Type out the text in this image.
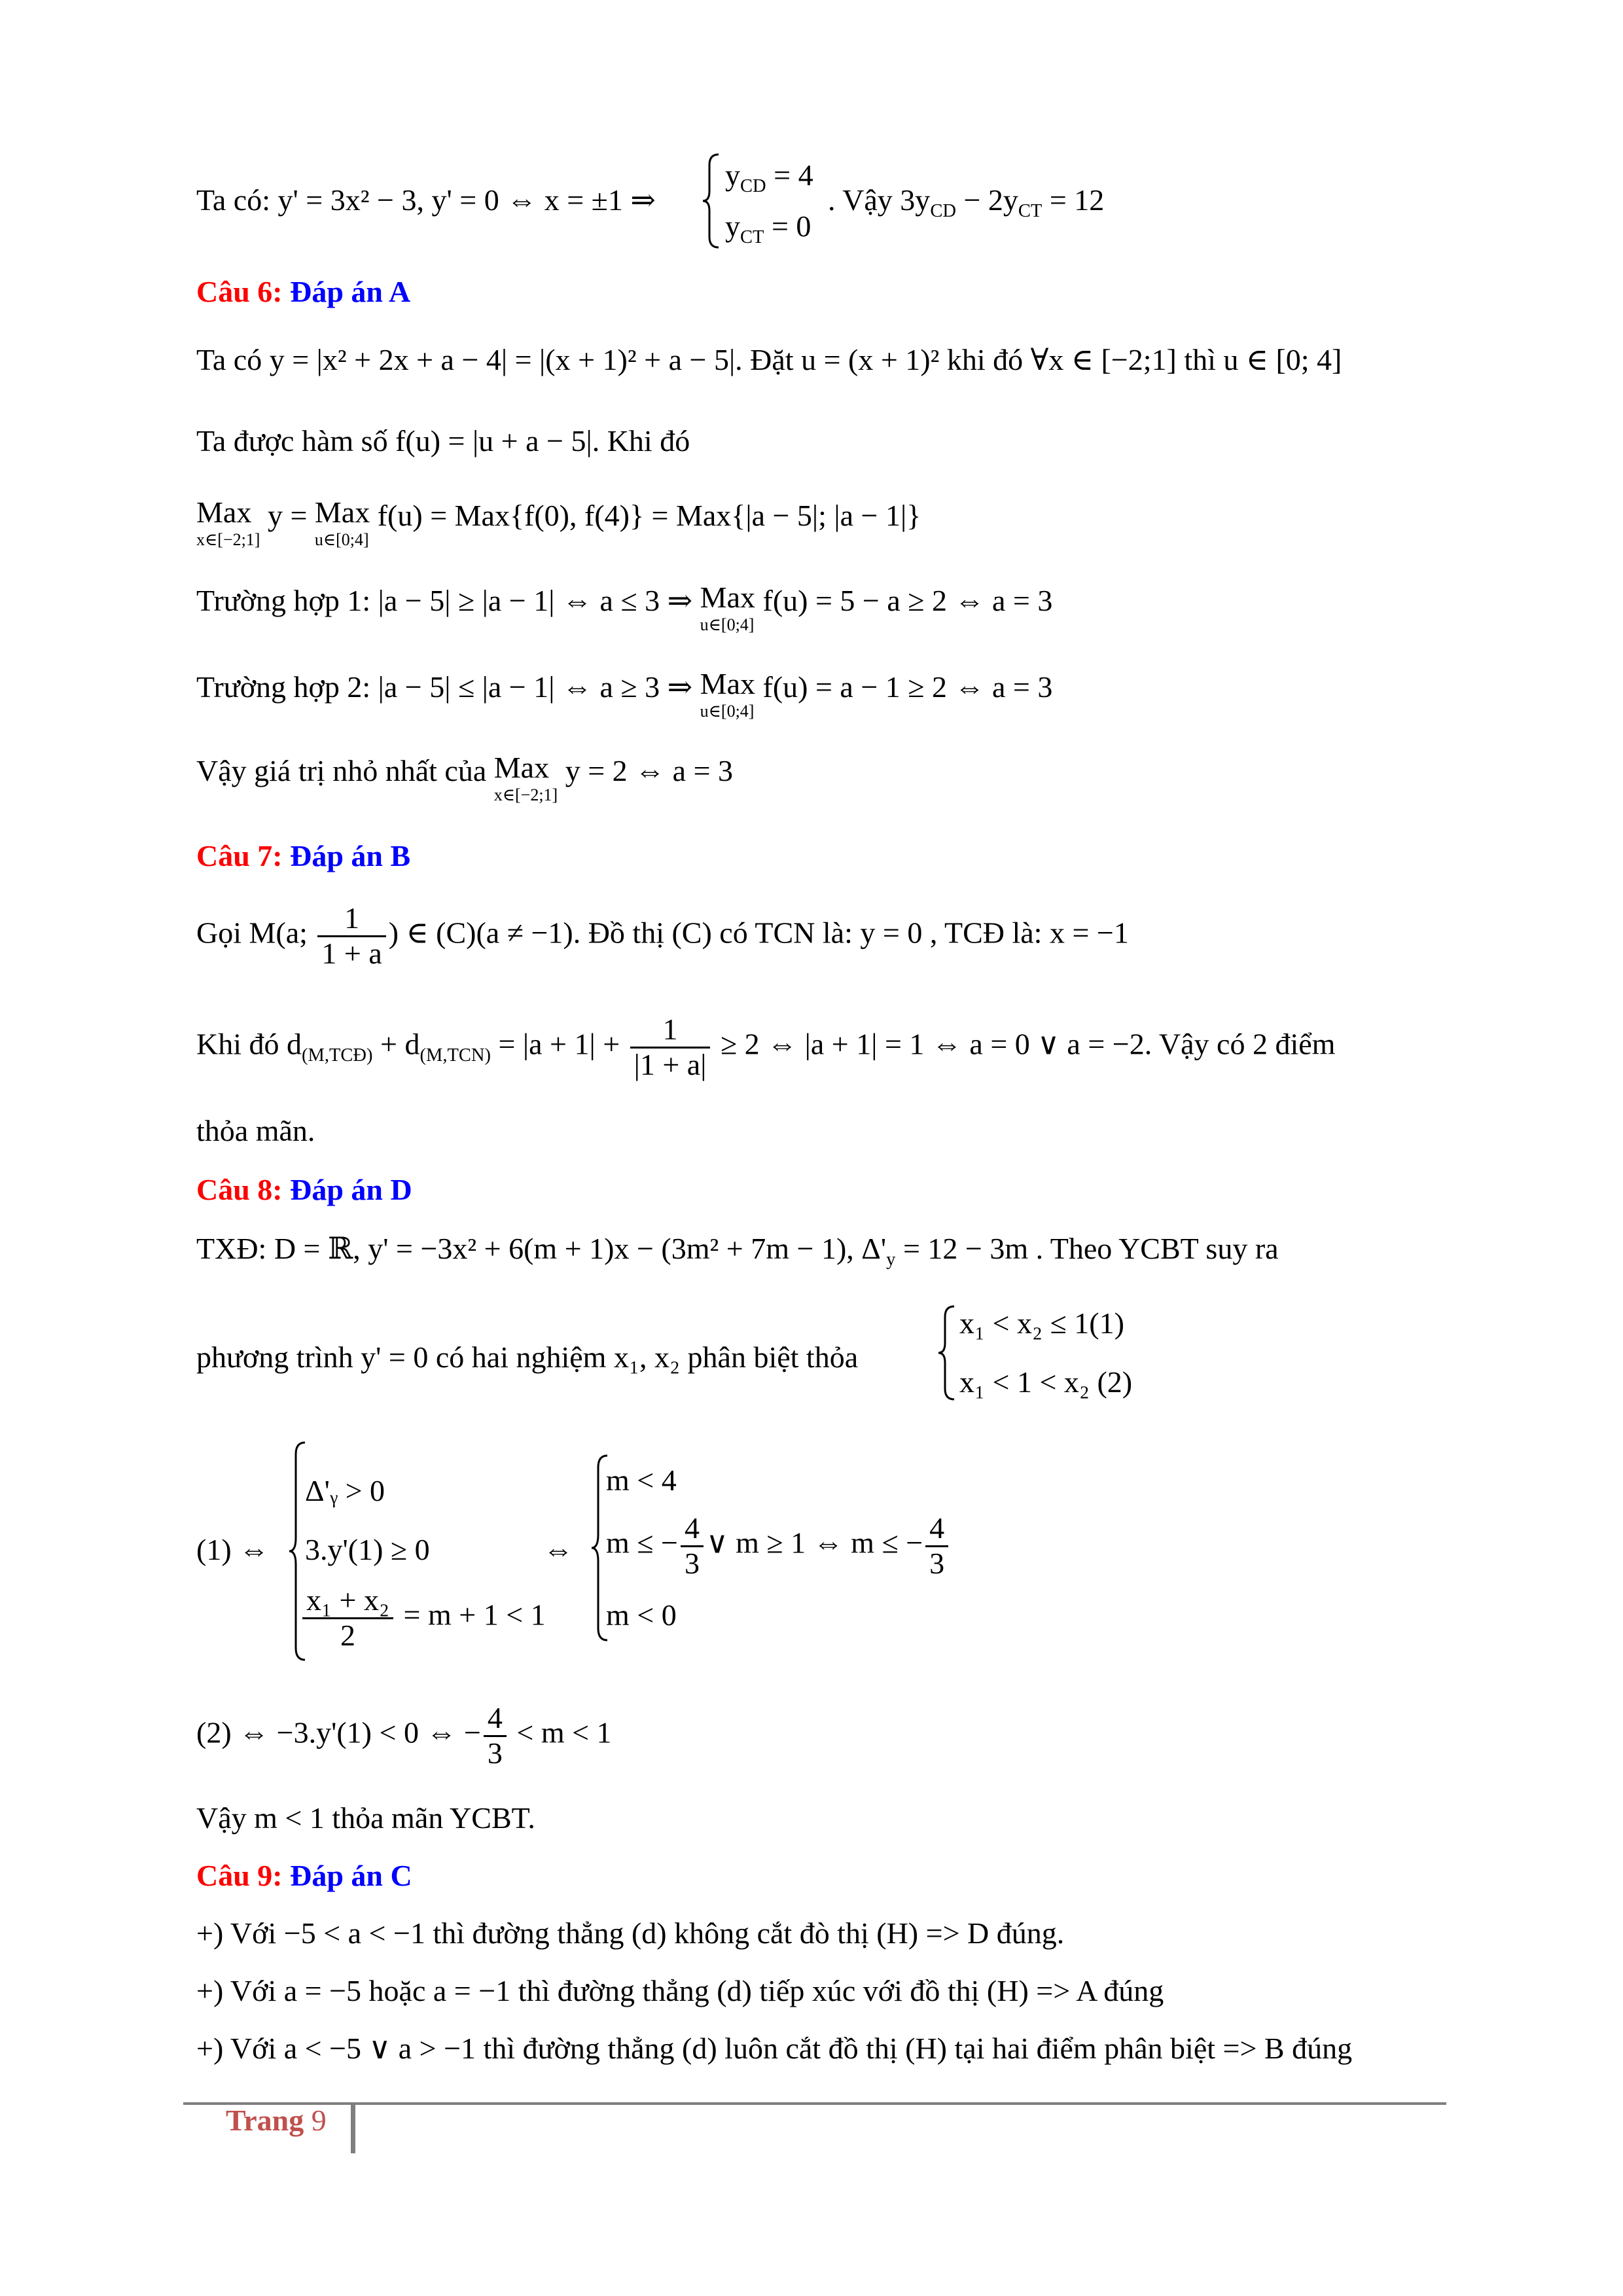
Ta có: y' = 3x² − 3, y' = 0 ⇔ x = ±1 ⇒
$y_{CD} = 4$
$y_{CT} = 0$
. Vậy $3y_{CD} - 2y_{CT} = 12$
Câu 6: Đáp án A
Ta có y = |x² + 2x + a − 4| = |(x + 1)² + a − 5|. Đặt u = (x + 1)² khi đó ∀x ∈ [−2;1] thì u ∈ [0; 4]
Ta được hàm số f(u) = |u + a − 5|. Khi đó
Max
x∈[−2;1]
y = Max
u∈[0;4]
f(u) = Max{f(0), f(4)} = Max{|a − 5|; |a − 1|}
Trường hợp 1: |a − 5| ≥ |a − 1| ⇔ a ≤ 3 ⇒ Max
u∈[0;4]
f(u) = 5 − a ≥ 2 ⇔ a = 3
Trường hợp 2: |a − 5| ≤ |a − 1| ⇔ a ≥ 3 ⇒ Max
u∈[0;4]
f(u) = a − 1 ≥ 2 ⇔ a = 3
Vậy giá trị nhỏ nhất của Max
x∈[−2;1]
y = 2 ⇔ a = 3
Câu 7: Đáp án B
Gọi M(a; $\frac{1}{1 + a}$ ) ∈ (C)(a ≠ −1). Đồ thị (C) có TCN là: y = 0 , TCĐ là: x = −1
Khi đó $d_{(M,TCĐ)} + d_{(M,TCN)} = |a + 1| + \frac{1}{|1 + a|} \ge 2$ ⇔ |a + 1| = 1 ⇔ a = 0 ∨ a = −2. Vậy có 2 điểm
thỏa mãn.
Câu 8: Đáp án D
TXĐ: D = ℝ, y' = −3x² + 6(m + 1)x − (3m² + 7m − 1), $\Delta'_y = 12 - 3m$ . Theo YCBT suy ra
phương trình y' = 0 có hai nghiệm x₁, x₂ phân biệt thỏa
x₁ < x₂ ≤ 1(1)
x₁ < 1 < x₂ (2)
(1) ⇔
Δ'ᵧ > 0
3.y'(1) ≥ 0
$\frac{\text{x₁ + x₂}}{2} = m + 1 < 1$
⇔
m < 4
m ≤ − $\frac{4}{3}$ ∨ m ≥ 1 ⇔ m ≤ − $\frac{4}{3}$
m < 0
(2) ⇔ −3.y'(1) < 0 ⇔ − $\frac{4}{3} < m < 1$
Vậy m < 1 thỏa mãn YCBT.
Câu 9: Đáp án C
+) Với −5 < a < −1 thì đường thẳng (d) không cắt đò thị (H) => D đúng.
+) Với a = −5 hoặc a = −1 thì đường thẳng (d) tiếp xúc với đồ thị (H) => A đúng
+) Với a < −5 ∨ a > −1 thì đường thẳng (d) luôn cắt đồ thị (H) tại hai điểm phân biệt => B đúng
Trang 9
